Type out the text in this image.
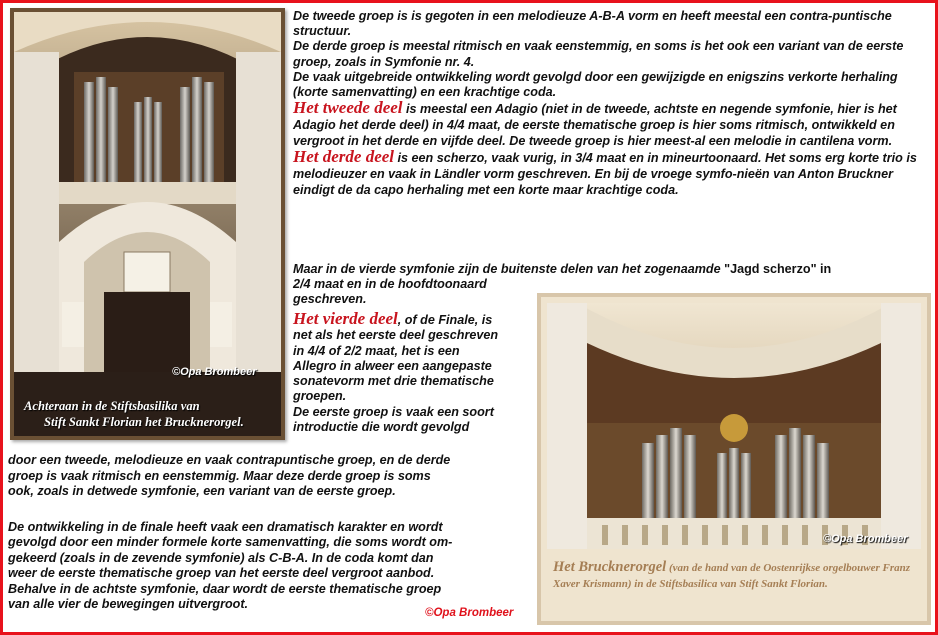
De tweede groep is is gegoten in een melodieuze A-B-A vorm en heeft meestal een contra-puntische structuur.
De derde groep is meestal ritmisch en vaak eenstemmig, en soms is het ook een variant van de eerste groep, zoals in Symfonie nr. 4.
De vaak uitgebreide ontwikkeling wordt gevolgd door een gewijzigde en enigszins verkorte herhaling (korte samenvatting) en een krachtige coda.
Het tweede deel is meestal een Adagio (niet in de tweede, achtste en negende symfonie, hier is het Adagio het derde deel) in 4/4 maat, de eerste thematische groep is hier soms ritmisch, ontwikkeld en vergroot in het derde en vijfde deel. De tweede groep is hier meest-al een melodie in cantilena vorm.
Het derde deel is een scherzo, vaak vurig, in 3/4 maat en in mineurtoonaard. Het soms erg korte trio is melodieuzer en vaak in Ländler vorm geschreven. En bij de vroege symfo-nieën van Anton Bruckner eindigt de da capo herhaling met een korte maar krachtige coda.
Maar in de vierde symfonie zijn de buitenste delen van het zogenaamde "Jagd scherzo" in
2/4 maat en in de hoofdtoonaard
geschreven.
Het vierde deel, of de Finale, is
net als het eerste deel geschreven
in 4/4 of 2/2 maat, het is een
Allegro in alweer een aangepaste
sonatevorm met drie thematische
groepen.
De eerste groep is vaak een soort
introductie die wordt gevolgd
door een tweede, melodieuze en vaak contrapuntische groep, en de derde
groep is vaak ritmisch en eenstemmig. Maar deze derde groep is soms
ook, zoals in detwede symfonie, een variant van de eerste groep.
De ontwikkeling in de finale heeft vaak een dramatisch karakter en wordt
gevolgd door een minder formele korte samenvatting, die soms wordt om-
gekeerd (zoals in de zevende symfonie) als C-B-A. In de coda komt dan
weer de eerste thematische groep van het eerste deel vergroot aanbod.
Behalve in de achtste symfonie, daar wordt de eerste thematische groep
van alle vier de bewegingen uitvergroot.
©Opa Brombeer
©Opa Brombeer
Achteraan in de Stiftsbasilika van
Stift Sankt Florian het Brucknerorgel.
©Opa Brombeer
Het Brucknerorgel (van de hand van de Oostenrijkse orgelbouwer Franz Xaver Krismann) in de Stiftsbasilica van Stift Sankt Florian.
